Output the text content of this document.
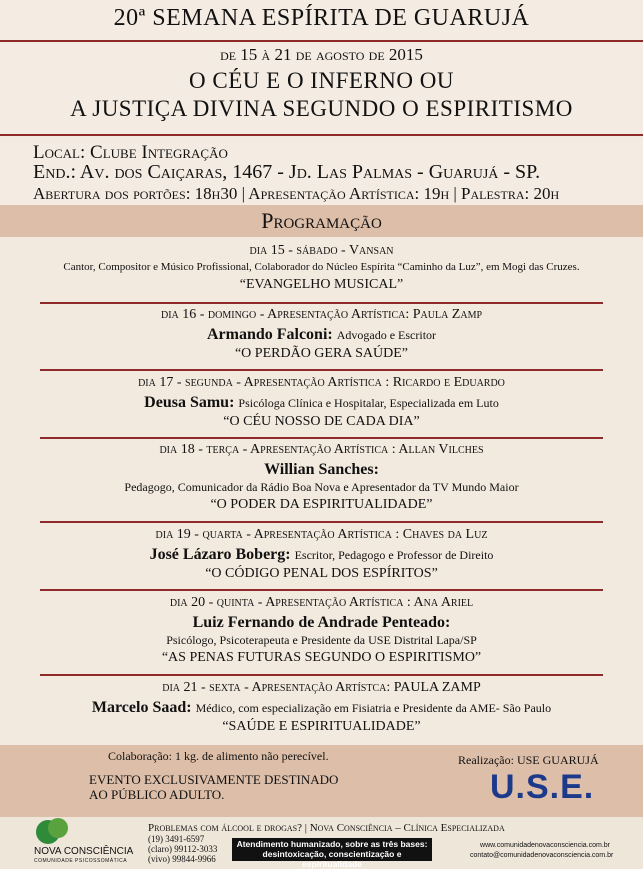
20ª SEMANA ESPÍRITA DE GUARUJÁ
de 15 à 21 de agosto de 2015
O CÉU E O INFERNO OU
A JUSTIÇA DIVINA SEGUNDO O ESPIRITISMO
Local: Clube Integração
End.: Av. dos Caiçaras, 1467 - Jd. Las Palmas - Guarujá - SP.
Abertura dos portões: 18h30 | Apresentação Artística: 19h | Palestra: 20h
Programação
dia 15 - sábado - Vansan
Cantor, Compositor e Músico Profissional, Colaborador do Núcleo Espírita “Caminho da Luz”, em Mogi das Cruzes.
“EVANGELHO MUSICAL”
dia 16 - domingo - Apresentação Artística: Paula Zamp
Armando Falconi: Advogado e Escritor
“O PERDÃO GERA SAÚDE”
dia 17 - segunda - Apresentação Artística : Ricardo e Eduardo
Deusa Samu: Psicóloga Clínica e Hospitalar, Especializada em Luto
“O CÉU NOSSO DE CADA DIA”
dia 18 - terça - Apresentação Artística : Allan Vilches
Willian Sanches:
Pedagogo, Comunicador da Rádio Boa Nova e Apresentador da TV Mundo Maior
“O PODER DA ESPIRITUALIDADE”
dia 19 - quarta - Apresentação Artística : Chaves da Luz
José Lázaro Boberg: Escritor, Pedagogo e Professor de Direito
“O CÓDIGO PENAL DOS ESPÍRITOS”
dia 20 - quinta - Apresentação Artística : Ana Ariel
Luiz Fernando de Andrade Penteado:
Psicólogo, Psicoterapeuta e Presidente da USE Distrital Lapa/SP
“AS PENAS FUTURAS SEGUNDO O ESPIRITISMO”
dia 21 - sexta - Apresentação Artístca: PAULA ZAMP
Marcelo Saad: Médico, com especialização em Fisiatria e Presidente da AME- São Paulo
“SAÚDE E ESPIRITUALIDADE”
Colaboração: 1 kg. de alimento não perecível.
EVENTO EXCLUSIVAMENTE DESTINADO
AO PÚBLICO ADULTO.
Realização: USE GUARUJÁ
U.S.E.
NOVA CONSCIÊNCIA
COMUNIDADE PSICOSSOMÁTICA
Problemas com álcool e drogas? | Nova Consciência – Clínica Especializada
(19) 3491-6597
(claro) 99112-3033
(vivo) 99844-9966
Atendimento humanizado, sobre as três bases:
desintoxicação, conscientização e espiritualidade
www.comunidadenovaconsciencia.com.br
contato@comunidadenovaconsciencia.com.br
